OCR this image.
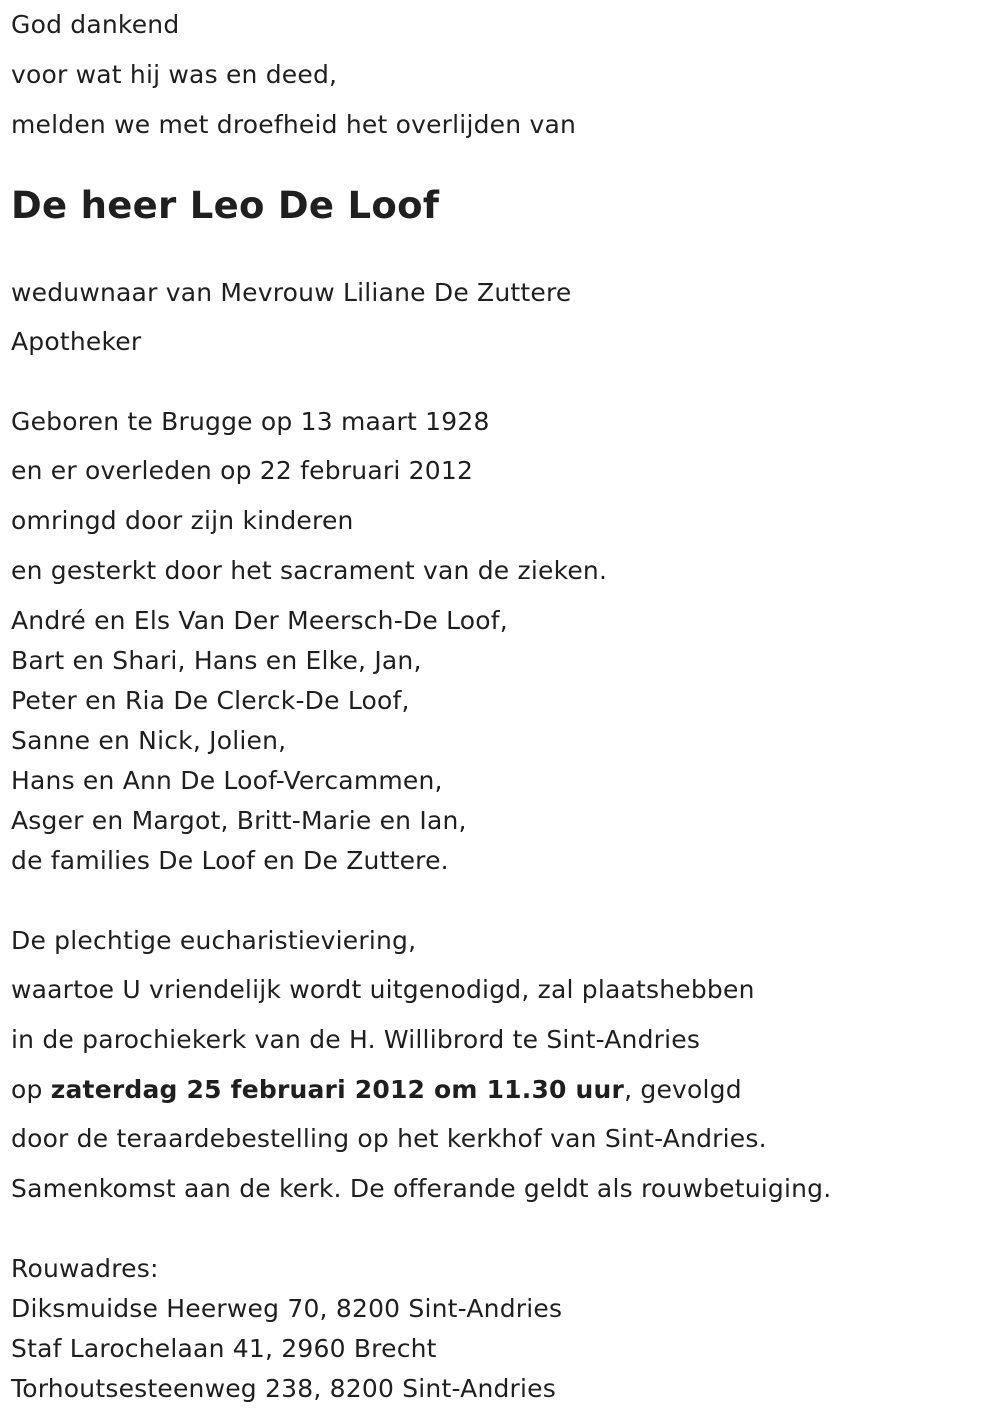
God dankend

voor wat hij was en deed,

melden we met droefheid het overlijden van

De heer Leo De Loof

weduwnaar van Mevrouw Liliane De Zuttere

Apotheker

Geboren te Brugge op 13 maart 1928

en er overleden op 22 februari 2012

omringd door zijn kinderen

en gesterkt door het sacrament van de zieken.

André en Els Van Der Meersch-De Loof,

Bart en Shari, Hans en Elke, Jan,

Peter en Ria De Clerck-De Loof,

Sanne en Nick, Jolien,

Hans en Ann De Loof-Vercammen,

Asger en Margot, Britt-Marie en Ian,

de families De Loof en De Zuttere.

De plechtige eucharistieviering,

waartoe U vriendelijk wordt uitgenodigd, zal plaatshebben

in de parochiekerk van de H. Willibrord te Sint-Andries

op zaterdag 25 februari 2012 om 11.30 uur, gevolgd

door de teraardebestelling op het kerkhof van Sint-Andries.

Samenkomst aan de kerk. De offerande geldt als rouwbetuiging.

Rouwadres:

Diksmuidse Heerweg 70, 8200 Sint-Andries

Staf Larochelaan 41, 2960 Brecht

Torhoutsesteenweg 238, 8200 Sint-Andries
